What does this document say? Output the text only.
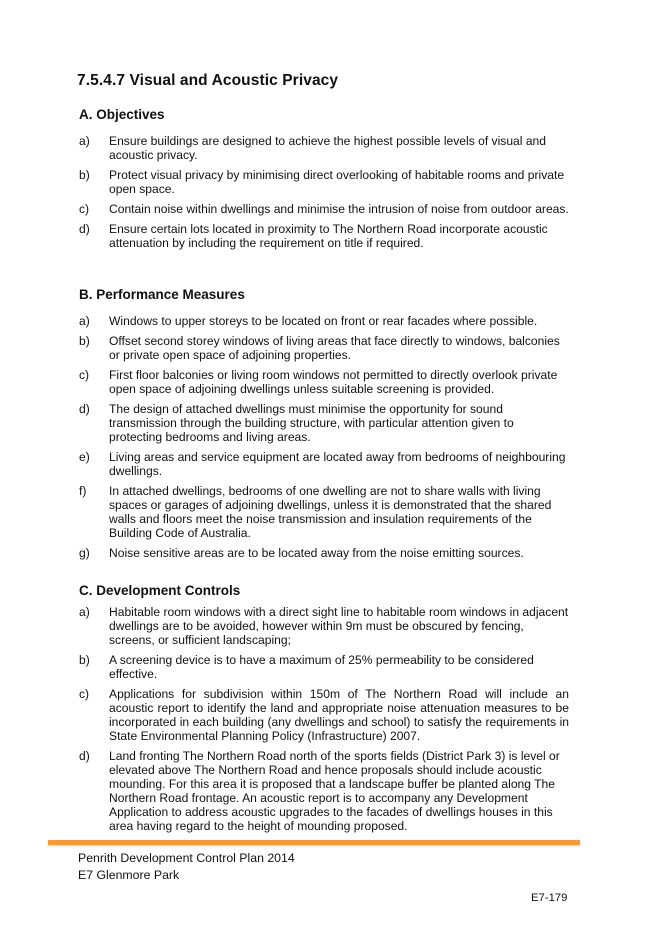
7.5.4.7 Visual and Acoustic Privacy
A. Objectives
a)	Ensure buildings are designed to achieve the highest possible levels of visual and acoustic privacy.
b)	Protect visual privacy by minimising direct overlooking of habitable rooms and private open space.
c)	Contain noise within dwellings and minimise the intrusion of noise from outdoor areas.
d)	Ensure certain lots located in proximity to The Northern Road incorporate acoustic attenuation by including the requirement on title if required.
B. Performance Measures
a)	Windows to upper storeys to be located on front or rear facades where possible.
b)	Offset second storey windows of living areas that face directly to windows, balconies or private open space of adjoining properties.
c)	First floor balconies or living room windows not permitted to directly overlook private open space of adjoining dwellings unless suitable screening is provided.
d)	The design of attached dwellings must minimise the opportunity for sound transmission through the building structure, with particular attention given to protecting bedrooms and living areas.
e)	Living areas and service equipment are located away from bedrooms of neighbouring dwellings.
f)	In attached dwellings, bedrooms of one dwelling are not to share walls with living spaces or garages of adjoining dwellings, unless it is demonstrated that the shared walls and floors meet the noise transmission and insulation requirements of the Building Code of Australia.
g)	Noise sensitive areas are to be located away from the noise emitting sources.
C. Development Controls
a)	Habitable room windows with a direct sight line to habitable room windows in adjacent dwellings are to be avoided, however within 9m must be obscured by fencing, screens, or sufficient landscaping;
b)	A screening device is to have a maximum of 25% permeability to be considered effective.
c)	Applications for subdivision within 150m of The Northern Road will include an acoustic report to identify the land and appropriate noise attenuation measures to be incorporated in each building (any dwellings and school) to satisfy the requirements in State Environmental Planning Policy (Infrastructure) 2007.
d)	Land fronting The Northern Road north of the sports fields (District Park 3) is level or elevated above The Northern Road and hence proposals should include acoustic mounding. For this area it is proposed that a landscape buffer be planted along The Northern Road frontage. An acoustic report is to accompany any Development Application to address acoustic upgrades to the facades of dwellings houses in this area having regard to the height of mounding proposed.
Penrith Development Control Plan 2014
E7 Glenmore Park
E7-179
